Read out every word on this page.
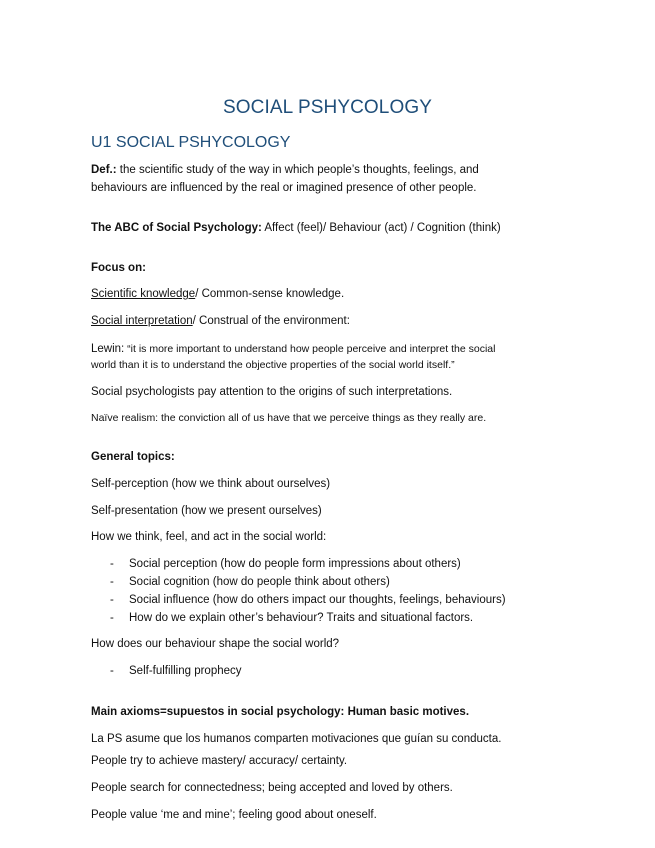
SOCIAL PSHYCOLOGY
U1 SOCIAL PSHYCOLOGY
Def.: the scientific study of the way in which people’s thoughts, feelings, and
behaviours are influenced by the real or imagined presence of other people.
The ABC of Social Psychology: Affect (feel)/ Behaviour (act) / Cognition (think)
Focus on:
Scientific knowledge/ Common-sense knowledge.
Social interpretation/ Construal of the environment:
Lewin: “it is more important to understand how people perceive and interpret the social
world than it is to understand the objective properties of the social world itself.”
Social psychologists pay attention to the origins of such interpretations.
Naïve realism: the conviction all of us have that we perceive things as they really are.
General topics:
Self-perception (how we think about ourselves)
Self-presentation (how we present ourselves)
How we think, feel, and act in the social world:
- Social perception (how do people form impressions about others)
- Social cognition (how do people think about others)
- Social influence (how do others impact our thoughts, feelings, behaviours)
- How do we explain other’s behaviour? Traits and situational factors.
How does our behaviour shape the social world?
- Self-fulfilling prophecy
Main axioms=supuestos in social psychology: Human basic motives.
La PS asume que los humanos comparten motivaciones que guían su conducta.
People try to achieve mastery/ accuracy/ certainty.
People search for connectedness; being accepted and loved by others.
People value ‘me and mine’; feeling good about oneself.
